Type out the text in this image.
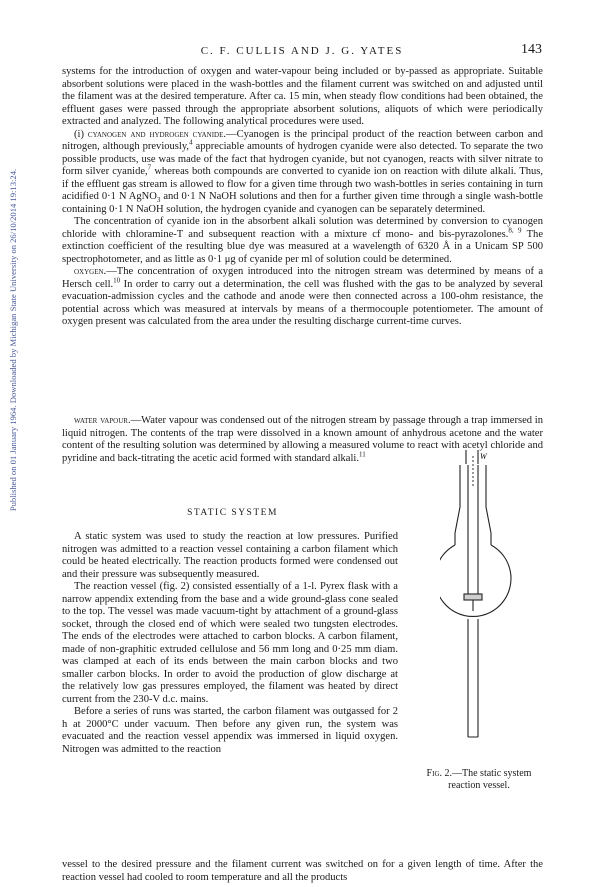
Published on 01 January 1964. Downloaded by Michigan State University on 26/10/2014 19:13:24.
C. F. CULLIS AND J. G. YATES	143

systems for the introduction of oxygen and water-vapour being included or by-passed as appropriate. Suitable absorbent solutions were placed in the wash-bottles and the filament current was switched on and adjusted until the filament was at the desired temperature. After ca. 15 min, when steady flow conditions had been obtained, the effluent gases were passed through the appropriate absorbent solutions, aliquots of which were periodically extracted and analyzed. The following analytical procedures were used.

(i) cyanogen and hydrogen cyanide.—Cyanogen is the principal product of the reaction between carbon and nitrogen, although previously,$^4$ appreciable amounts of hydrogen cyanide were also detected. To separate the two possible products, use was made of the fact that hydrogen cyanide, but not cyanogen, reacts with silver nitrate to form silver cyanide,$^7$ whereas both compounds are converted to cyanide ion on reaction with dilute alkali. Thus, if the effluent gas stream is allowed to flow for a given time through two wash-bottles in series containing in turn acidified 0·1 N AgNO$_3$ and 0·1 N NaOH solutions and then for a further given time through a single wash-bottle containing 0·1 N NaOH solution, the hydrogen cyanide and cyanogen can be separately determined.

The concentration of cyanide ion in the absorbent alkali solution was determined by conversion to cyanogen chloride with chloramine-T and subsequent reaction with a mixture cf mono- and bis-pyrazolones.$^{8, 9}$ The extinction coefficient of the resulting blue dye was measured at a wavelength of 6320 Å in a Unicam SP 500 spectrophotometer, and as little as 0·1 μg of cyanide per ml of solution could be determined.

oxygen.—The concentration of oxygen introduced into the nitrogen stream was determined by means of a Hersch cell.$^{10}$ In order to carry out a determination, the cell was flushed with the gas to be analyzed by several evacuation-admission cycles and the cathode and anode were then connected across a 100-ohm resistance, the potential across which was measured at intervals by means of a thermocouple potentiometer. The amount of oxygen present was calculated from the area under the resulting discharge current-time curves.

water vapour.—Water vapour was condensed out of the nitrogen stream by passage through a trap immersed in liquid nitrogen. The contents of the trap were dissolved in a known amount of anhydrous acetone and the water content of the resulting solution was determined by allowing a measured volume to react with acetyl chloride and pyridine and back-titrating the acetic acid formed with standard alkali.$^{11}$

STATIC SYSTEM

A static system was used to study the reaction at low pressures. Purified nitrogen was admitted to a reaction vessel containing a carbon filament which could be heated electrically. The reaction products formed were condensed out and their pressure was subsequently measured.

The reaction vessel (fig. 2) consisted essentially of a 1-l. Pyrex flask with a narrow appendix extending from the base and a wide ground-glass cone sealed to the top. The vessel was made vacuum-tight by attachment of a ground-glass socket, through the closed end of which were sealed two tungsten electrodes. The ends of the electrodes were attached to carbon blocks. A carbon filament, made of non-graphitic extruded cellulose and 56 mm long and 0·25 mm diam. was clamped at each of its ends between the main carbon blocks and two smaller carbon blocks. In order to avoid the production of glow discharge at the relatively low gas pressures employed, the filament was heated by direct current from the 230-V d.c. mains.

Before a series of runs was started, the carbon filament was outgassed for 2 h at 2000°C under vacuum. Then before any given run, the system was evacuated and the reaction vessel appendix was immersed in liquid oxygen. Nitrogen was admitted to the reaction

vessel to the desired pressure and the filament current was switched on for a given length of time. After the reaction vessel had cooled to room temperature and all the products

W
Fig. 2.—The static system reaction vessel.
